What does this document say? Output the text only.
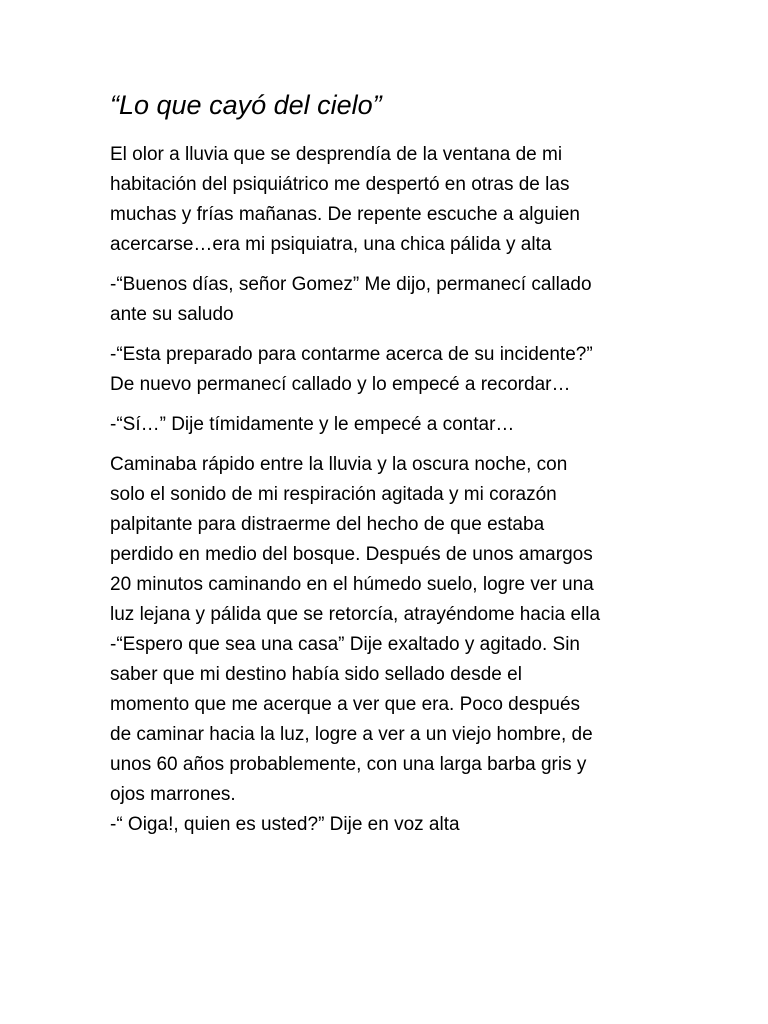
“Lo que cayó del cielo”
El olor a lluvia que se desprendía de la ventana de mi
habitación del psiquiátrico me despertó en otras de las
muchas y frías mañanas. De repente escuche a alguien
acercarse…era mi psiquiatra, una chica pálida y alta
-“Buenos días, señor Gomez” Me dijo, permanecí callado
ante su saludo
-“Esta preparado para contarme acerca de su incidente?”
De nuevo permanecí callado y lo empecé a recordar…
-“Sí…” Dije tímidamente y le empecé a contar…
Caminaba rápido entre la lluvia y la oscura noche, con
solo el sonido de mi respiración agitada y mi corazón
palpitante para distraerme del hecho de que estaba
perdido en medio del bosque. Después de unos amargos
20 minutos caminando en el húmedo suelo, logre ver una
luz lejana y pálida que se retorcía, atrayéndome hacia ella
-“Espero que sea una casa” Dije exaltado y agitado. Sin
saber que mi destino había sido sellado desde el
momento que me acerque a ver que era. Poco después
de caminar hacia la luz, logre a ver a un viejo hombre, de
unos 60 años probablemente, con una larga barba gris y
ojos marrones.
-“ Oiga!, quien es usted?” Dije en voz alta
